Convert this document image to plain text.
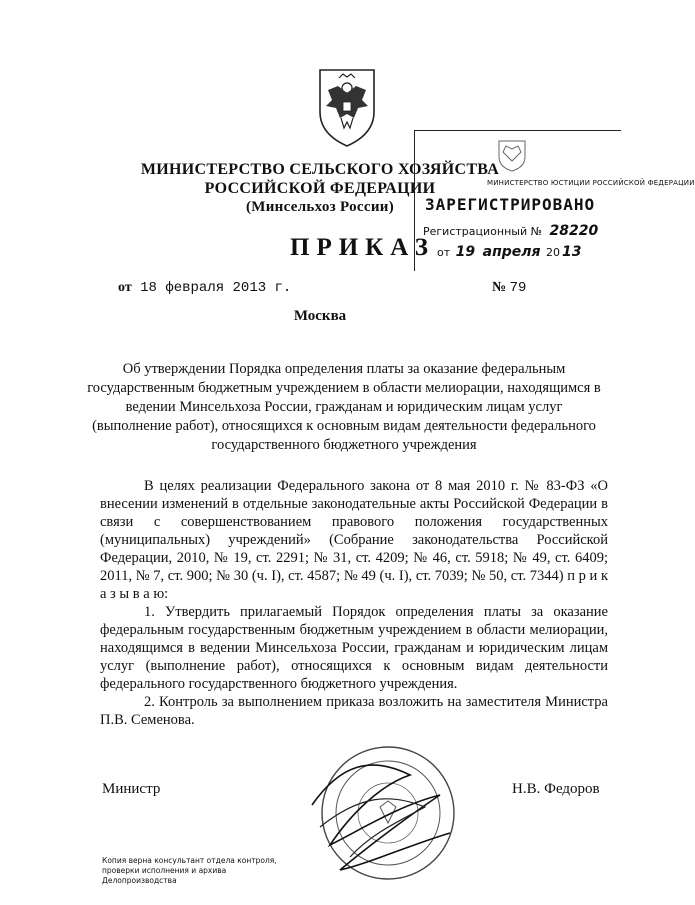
МИНИСТЕРСТВО СЕЛЬСКОГО ХОЗЯЙСТВА
РОССИЙСКОЙ ФЕДЕРАЦИИ
(Минсельхоз России)
ПРИКАЗ
МИНИСТЕРСТВО ЮСТИЦИИ РОССИЙСКОЙ ФЕДЕРАЦИИ
ЗАРЕГИСТРИРОВАНО
Регистрационный № 28220
от 19 апреля 20 13
от 18 февраля 2013 г.	№ 79
Москва
Об утверждении Порядка определения платы за оказание федеральным государственным бюджетным учреждением в области мелиорации, находящимся в ведении Минсельхоза России, гражданам и юридическим лицам услуг (выполнение работ), относящихся к основным видам деятельности федерального государственного бюджетного учреждения

В целях реализации Федерального закона от 8 мая 2010 г. № 83-ФЗ «О внесении изменений в отдельные законодательные акты Российской Федерации в связи с совершенствованием правового положения государственных (муниципальных) учреждений» (Собрание законодательства Российской Федерации, 2010, № 19, ст. 2291; № 31, ст. 4209; № 46, ст. 5918; № 49, ст. 6409; 2011, № 7, ст. 900; № 30 (ч. I), ст. 4587; № 49 (ч. I), ст. 7039; № 50, ст. 7344) п р и к а з ы в а ю:

1. Утвердить прилагаемый Порядок определения платы за оказание федеральным государственным бюджетным учреждением в области мелиорации, находящимся в ведении Минсельхоза России, гражданам и юридическим лицам услуг (выполнение работ), относящихся к основным видам деятельности федерального государственного бюджетного учреждения.

2. Контроль за выполнением приказа возложить на заместителя Министра П.В. Семенова.

Министр	Н.В. Федоров
Копия верна консультант отдела контроля,
проверки исполнения и архива
Делопроизводства
